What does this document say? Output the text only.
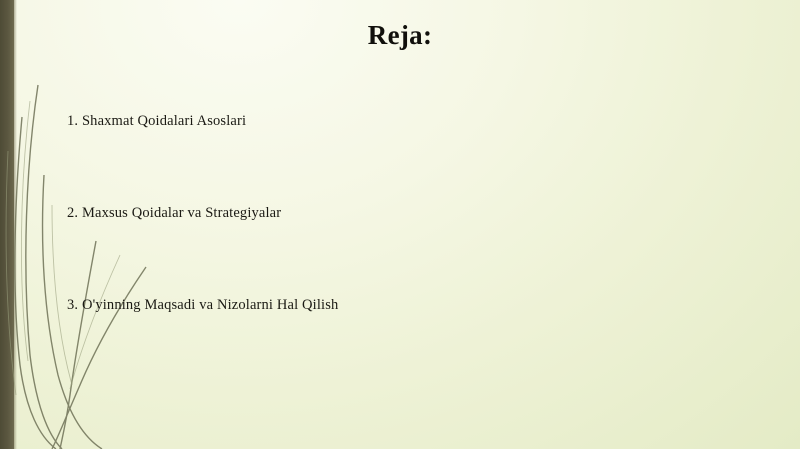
Reja:
1. Shaxmat Qoidalari Asoslari
2. Maxsus Qoidalar va Strategiyalar
3. O'yinning Maqsadi va Nizolarni Hal Qilish
